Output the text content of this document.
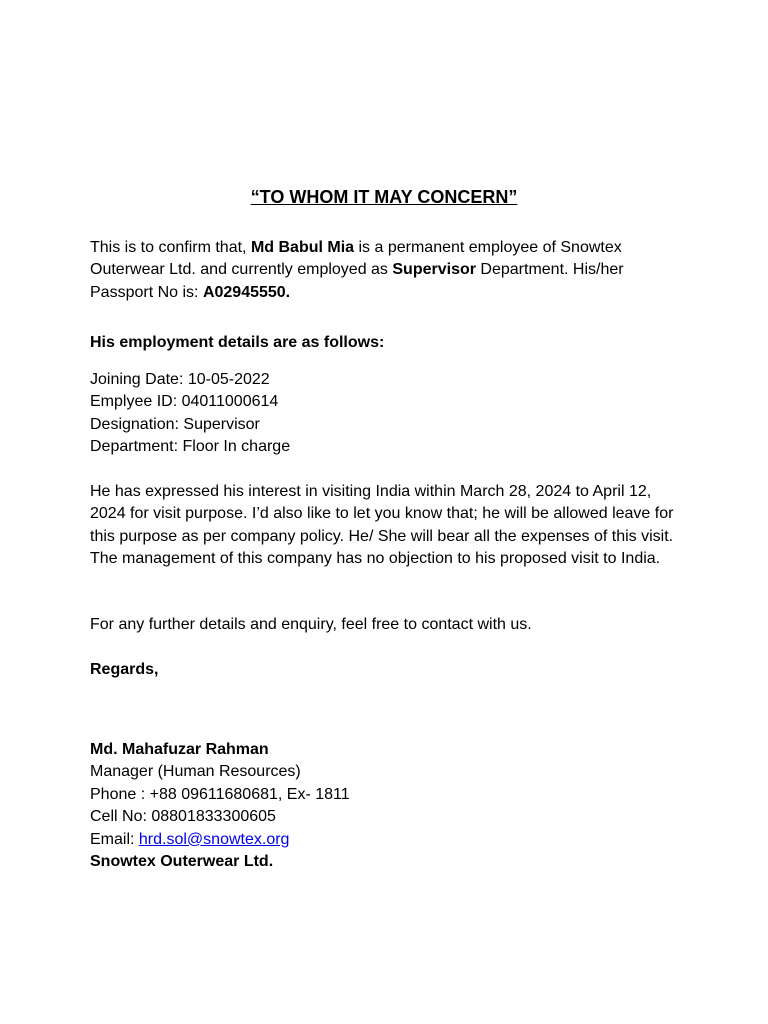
“TO WHOM IT MAY CONCERN”

This is to confirm that, Md Babul Mia is a permanent employee of Snowtex Outerwear Ltd. and currently employed as Supervisor Department. His/her Passport No is: A02945550.

His employment details are as follows:
Joining Date: 10-05-2022
Emplyee ID: 04011000614
Designation: Supervisor
Department: Floor In charge

He has expressed his interest in visiting India within March 28, 2024 to April 12, 2024 for visit purpose. I’d also like to let you know that; he will be allowed leave for this purpose as per company policy. He/ She will bear all the expenses of this visit. The management of this company has no objection to his proposed visit to India.

For any further details and enquiry, feel free to contact with us.
Regards,
Md. Mahafuzar Rahman
Manager (Human Resources)
Phone : +88 09611680681, Ex- 1811
Cell No: 08801833300605
Email: hrd.sol@snowtex.org
Snowtex Outerwear Ltd.
